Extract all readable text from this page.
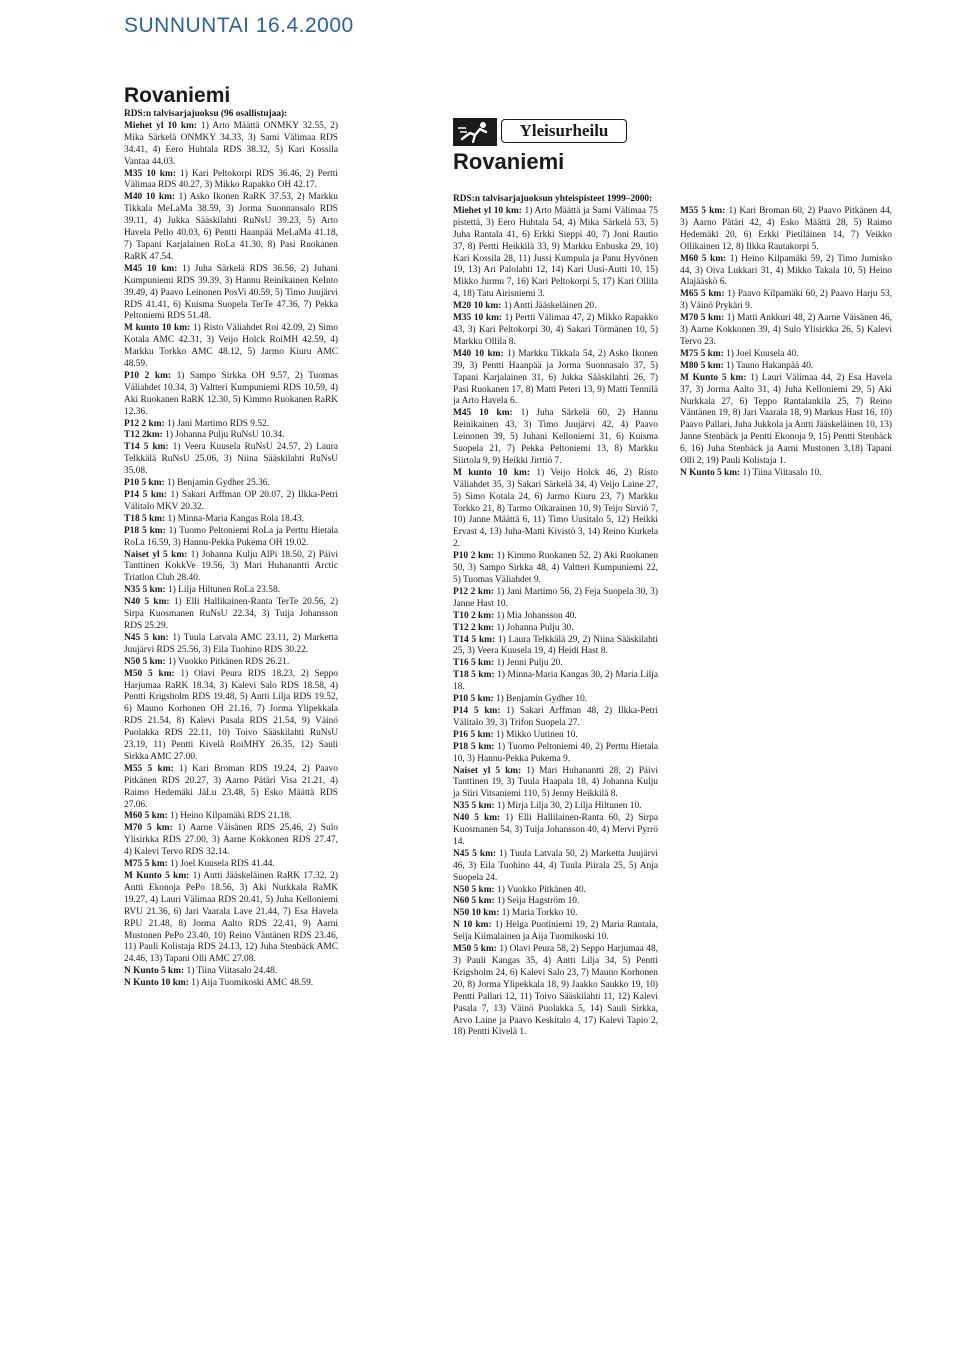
SUNNUNTAI 16.4.2000
Rovaniemi

RDS:n talvisarjajuoksu (96 osallistujaa):

Miehet yl 10 km: 1) Arto Määttä ONMKY 32.55, 2) Mika Särkelä ONMKY 34.33, 3) Sami Välimaa RDS 34.41, 4) Eero Huhtala RDS 38.32, 5) Kari Kossila Vantaa 44.03.

M35 10 km: 1) Kari Peltokorpi RDS 36.46, 2) Pertti Välimaa RDS 40.27, 3) Mikko Rapakko OH 42.17.

M40 10 km: 1) Asko Ikonen RaRK 37.53, 2) Markku Tikkala MeLaMa 38.59, 3) Jorma Suonnansalo RDS 39.11, 4) Jukka Sääskilahti RuNsU 39.23, 5) Arto Havela Pello 40.03, 6) Pentti Haanpää MeLaMa 41.18, 7) Tapani Karjalainen RoLa 41.30, 8) Pasi Ruokanen RaRK 47.54.

M45 10 km: 1) Juha Särkelä RDS 36.56, 2) Juhani Kumpuniemi RDS 39.39, 3) Hannu Reinikainen KeInto 39.49, 4) Paavo Leinonen PosVi 40.59, 5) Timo Juujärvi RDS 41.41, 6) Kuisma Suopela TerTe 47.36, 7) Pekka Peltoniemi RDS 51.48.

M kunto 10 km: 1) Risto Väliahdet Roi 42.09, 2) Simo Kotala AMC 42.31, 3) Veijo Holck RoiMH 42.59, 4) Markku Torkko AMC 48.12, 5) Jarmo Kiuru AMC 48.59.

P10 2 km: 1) Sampo Sirkka OH 9.57, 2) Tuomas Väliahdet 10.34, 3) Valtteri Kumpuniemi RDS 10.59, 4) Aki Ruokanen RaRK 12.30, 5) Kimmo Ruokanen RaRK 12.36.

P12 2 km: 1) Jani Martimo RDS 9.52.

T12 2km: 1) Johanna Pulju RuNsU 10.34.

T14 5 km: 1) Veera Kuusela RuNsU 24.57, 2) Laura Telkkälä RuNsU 25.06, 3) Niina Sääskilahti RuNsU 35.08.

P10 5 km: 1) Benjamin Gydher 25.36.

P14 5 km: 1) Sakari Arffman OP 20.07, 2) Ilkka-Petri Välitalo MKV 20.32.

T18 5 km: 1) Minna-Maria Kangas Rola 18.43.

P18 5 km: 1) Tuomo Peltoniemi RoLa ja Perttu Hietala RoLa 16.59, 3) Hannu-Pekka Pukema OH 19.02.

Naiset yl 5 km: 1) Johanna Kulju AlPi 18.50, 2) Päivi Tanttinen KokkVe 19.56, 3) Mari Huhanantti Arctic Triatlon Club 28.40.

N35 5 km: 1) Lilja Hiltunen RoLa 23.58.

N40 5 km: 1) Elli Hallikainen-Ranta TerTe 20.56, 2) Sirpa Kuosmanen RuNsU 22.34, 3) Tuija Johansson RDS 25.29.

N45 5 km: 1) Tuula Latvala AMC 23.11, 2) Marketta Juujärvi RDS 25.56, 3) Eila Tuohino RDS 30.22.

N50 5 km: 1) Vuokko Pitkänen RDS 26.21.

M50 5 km: 1) Olavi Peura RDS 18.23, 2) Seppo Harjumaa RaRK 18.34, 3) Kalevi Salo RDS 18.58, 4) Pentti Krigsholm RDS 19.48, 5) Antti Lilja RDS 19.52, 6) Mauno Korhonen OH 21.16, 7) Jorma Ylipekkala RDS 21.54, 8) Kalevi Pasala RDS 21.54, 9) Väinö Puolakka RDS 22.11, 10) Toivo Sääskilahti RuNsU 23.19, 11) Pentti Kivelä RoiMHY 26.35, 12) Sauli Sirkka AMC 27.00.

M55 5 km: 1) Kari Broman RDS 19.24, 2) Paavo Pitkänen RDS 20.27, 3) Aarno Pätäri Visa 21.21, 4) Raimo Hedemäki JäLu 23.48, 5) Esko Määttä RDS 27.06.

M60 5 km: 1) Heino Kilpamäki RDS 21.18.

M70 5 km: 1) Aarne Väisänen RDS 25.46, 2) Sulo Ylisirkka RDS 27.00, 3) Aarne Kokkonen RDS 27.47, 4) Kalevi Tervo RDS 32.14.

M75 5 km: 1) Joel Kuusela RDS 41.44.

M Kunto 5 km: 1) Antti Jääskeläinen RaRK 17.32, 2) Antti Ekonoja PePo 18.56, 3) Aki Nurkkala RaMK 19.27, 4) Lauri Välimaa RDS 20.41, 5) Juha Kelloniemi RVU 21.36, 6) Jari Vaarala Lave 21.44, 7) Esa Havela RPU 21.48, 8) Jorma Aalto RDS 22.41, 9) Aarni Mustonen PePo 23.40, 10) Reino Väntänen RDS 23.46, 11) Pauli Kolistaja RDS 24.13, 12) Juha Stenbäck AMC 24.46, 13) Tapani Olli AMC 27.08.

N Kunto 5 km: 1) Tiina Viitasalo 24.48.

N Kunto 10 km: 1) Aija Tuomikoski AMC 48.59.

Yleisurheilu
Rovaniemi

RDS:n talvisarjajuoksun yhteispisteet 1999–2000:

Miehet yl 10 km: 1) Arto Määttä ja Sami Välimaa 75 pistettä, 3) Eero Huhtala 54, 4) Mika Särkelä 53, 5) Juha Rantala 41, 6) Erkki Sieppi 40, 7) Joni Rautio 37, 8) Pertti Heikkilä 33, 9) Markku Enbuska 29, 10) Kari Kossila 28, 11) Jussi Kumpula ja Panu Hyvönen 19, 13) Ari Palolahti 12, 14) Kari Uusi-Autti 10, 15) Mikko Jurmu 7, 16) Kari Peltokorpi 5, 17) Kari Ollila 4, 18) Tatu Airisniemi 3.

M20 10 km: 1) Antti Jääskeläinen 20.

M35 10 km: 1) Pertti Välimaa 47, 2) Mikko Rapakko 43, 3) Kari Peltokorpi 30, 4) Sakari Törmänen 10, 5) Markku Ollila 8.

M40 10 km: 1) Markku Tikkala 54, 2) Asko Ikonen 39, 3) Pentti Haanpää ja Jorma Suonnasalo 37, 5) Tapani Karjalainen 31, 6) Jukka Sääskilahti 26, 7) Pasi Ruokanen 17, 8) Matti Peteri 13, 9) Matti Tennilä ja Arto Havela 6.

M45 10 km: 1) Juha Särkelä 60, 2) Hannu Reinikainen 43, 3) Timo Juujärvi 42, 4) Paavo Leinonen 39, 5) Juhani Kelloniemi 31, 6) Kuisma Suopela 21, 7) Pekka Peltoniemi 13, 8) Markku Siirtola 9, 9) Heikki Jirttiö 7.

M kunto 10 km: 1) Veijo Holck 46, 2) Risto Väliahdet 35, 3) Sakari Särkelä 34, 4) Veijo Laine 27, 5) Simo Kotala 24, 6) Jarmo Kiuru 23, 7) Markku Torkko 21, 8) Tarmo Oikarainen 10, 9) Teijo Sirviö 7, 10) Janne Määttä 6, 11) Timo Uusitalo 5, 12) Heikki Ervast 4, 13) Juha-Matti Kivistö 3, 14) Reino Kurkela 2.

P10 2 km: 1) Kimmo Ruokanen 52, 2) Aki Ruokanen 50, 3) Sampo Sirkka 48, 4) Valtteri Kumpuniemi 22, 5) Tuomas Väliahdet 9.

P12 2 km: 1) Jani Martimo 56, 2) Feja Suopela 30, 3) Janne Hast 10.

T10 2 km: 1) Mia Johansson 40.

T12 2 km: 1) Johanna Pulju 30.

T14 5 km: 1) Laura Telkkälä 29, 2) Niina Sääskilahti 25, 3) Veera Kuusela 19, 4) Heidi Hast 8.

T16 5 km: 1) Jenni Pulju 20.

T18 5 km: 1) Minna-Maria Kangas 30, 2) Maria Lilja 18.

P10 5 km: 1) Benjamin Gydher 10.

P14 5 km: 1) Sakari Arffman 48, 2) Ilkka-Petri Välitalo 39, 3) Trifon Suopela 27.

P16 5 km: 1) Mikko Uutinen 10.

P18 5 km: 1) Tuomo Peltoniemi 40, 2) Perttu Hietala 10, 3) Hannu-Pekka Pukema 9.

Naiset yl 5 km: 1) Mari Huhanantti 28, 2) Päivi Tanttinen 19, 3) Tuula Haapala 18, 4) Johanna Kulju ja Siiri Vitsaniemi 110, 5) Jenny Heikkilä 8.

N35 5 km: 1) Mirja Lilja 30, 2) Lilja Hiltunen 10.

N40 5 km: 1) Elli Hallilainen-Ranta 60, 2) Sirpa Kuosmanen 54, 3) Tuija Johansson 40, 4) Mervi Pyrrö 14.

N45 5 km: 1) Tuula Latvala 50, 2) Marketta Juujärvi 46, 3) Eila Tuohino 44, 4) Tuula Piirala 25, 5) Anja Suopela 24.

N50 5 km: 1) Vuokko Pitkänen 40.

N60 5 km: 1) Seija Hagström 10.

N50 10 km: 1) Maria Torkko 10.

N 10 km: 1) Helga Puotiniemi 19, 2) Maria Rantala, Seija Kiimalainen ja Aija Tuomikoski 10.

M50 5 km: 1) Olavi Peura 58, 2) Seppo Harjumaa 48, 3) Pauli Kangas 35, 4) Antti Lilja 34, 5) Pentti Krigsholm 24, 6) Kalevi Salo 23, 7) Mauno Korhonen 20, 8) Jorma Ylipekkala 18, 9) Jaakko Saukko 19, 10) Pentti Pallari 12, 11) Toivo Sääskilahti 11, 12) Kalevi Pasala 7, 13) Väinö Puolakka 5, 14) Sauli Sirkka, Arvo Laine ja Paavo Keskitalo 4, 17) Kalevi Tapio 2, 18) Pentti Kivelä 1.

M55 5 km: 1) Kari Broman 60, 2) Paavo Pitkänen 44, 3) Aarno Pätäri 42, 4) Esko Määttä 28, 5) Raimo Hedemäki 20, 6) Erkki Pietiläinen 14, 7) Veikko Ollikainen 12, 8) Ilkka Rautakorpi 5.

M60 5 km: 1) Heino Kilpamäki 59, 2) Timo Jumisko 44, 3) Oiva Lukkari 31, 4) Mikko Takala 10, 5) Heino Alajääskö 6.

M65 5 km: 1) Paavo Kilpamäki 60, 2) Paavo Harju 53, 3) Väinö Prykäri 9.

M70 5 km: 1) Matti Ankkuri 48, 2) Aarne Väisänen 46, 3) Aarne Kokkonen 39, 4) Sulo Ylisirkka 26, 5) Kalevi Tervo 23.

M75 5 km: 1) Joel Kuusela 40.

M80 5 km: 1) Tauno Hakanpää 40.

M Kunto 5 km: 1) Lauri Välimaa 44, 2) Esa Havela 37, 3) Jorma Aalto 31, 4) Juha Kelloniemi 29, 5) Aki Nurkkala 27, 6) Teppo Rantalankila 25, 7) Reino Väntänen 19, 8) Jari Vaarala 18, 9) Markus Hast 16, 10) Paavo Pallari, Juha Jukkola ja Antti Jääskeläinen 10, 13) Janne Stenbäck ja Pentti Ekonoja 9, 15) Pentti Stenbäck 6, 16) Juha Stenbäck ja Aarni Mustonen 3,18) Tapani Olli 2, 19) Pauli Kolistaja 1.

N Kunto 5 km: 1) Tiina Viitasalo 10.
